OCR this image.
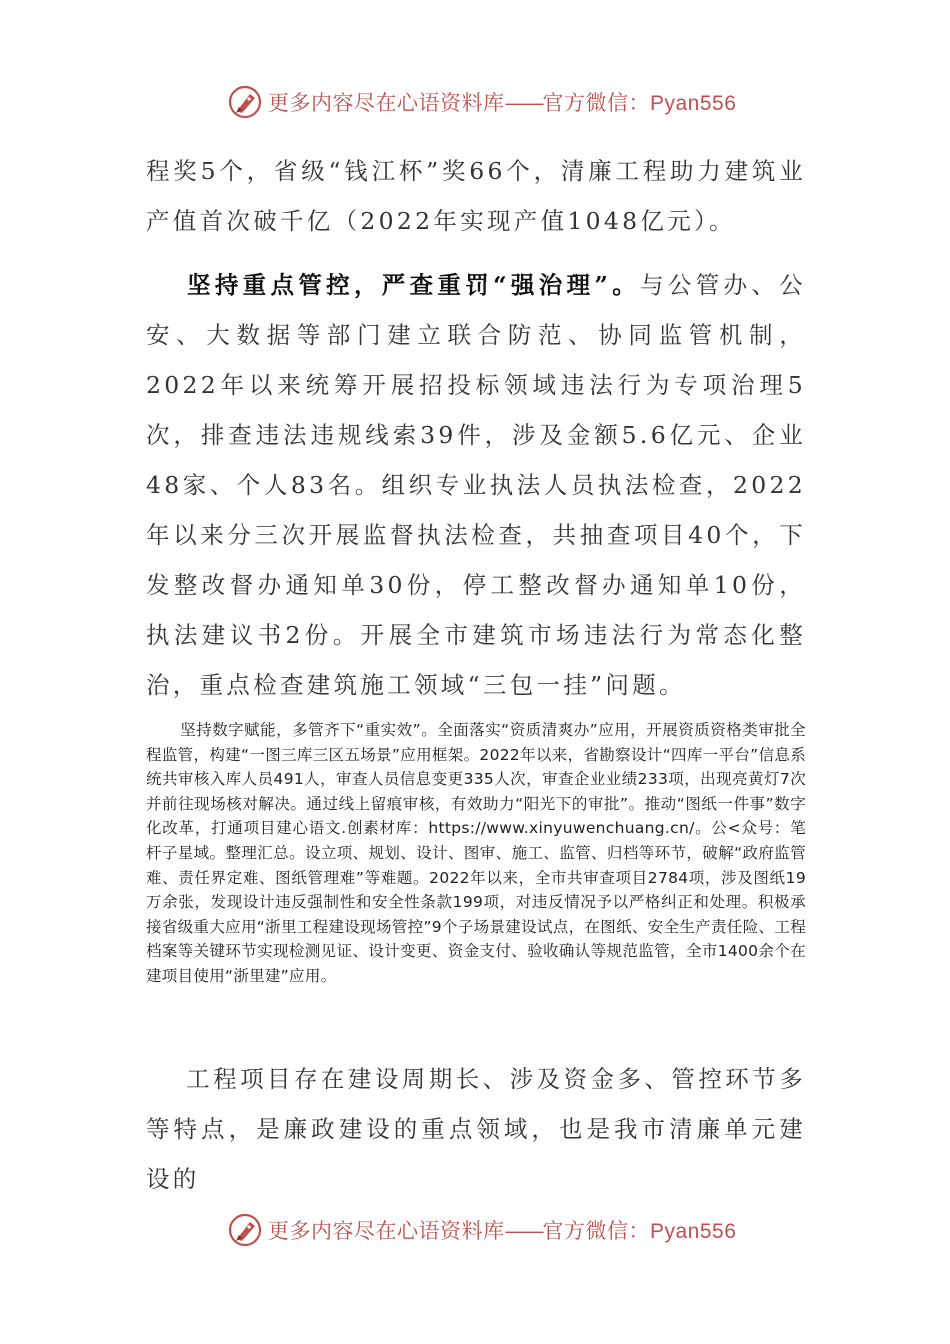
更多内容尽在心语资料库——官方微信：Pyan556
程奖5个，省级“钱江杯”奖66个，清廉工程助力建筑业产值首次破千亿（2022年实现产值1048亿元）。
坚持重点管控，严查重罚“强治理”。与公管办、公安、大数据等部门建立联合防范、协同监管机制，2022年以来统筹开展招投标领域违法行为专项治理5次，排查违法违规线索39件，涉及金额5.6亿元、企业48家、个人83名。组织专业执法人员执法检查，2022年以来分三次开展监督执法检查，共抽查项目40个，下发整改督办通知单30份，停工整改督办通知单10份，执法建议书2份。开展全市建筑市场违法行为常态化整治，重点检查建筑施工领域“三包一挂”问题。
坚持数字赋能，多管齐下“重实效”。全面落实“资质清爽办”应用，开展资质资格类审批全程监管，构建“一图三库三区五场景”应用框架。2022年以来，省勘察设计“四库一平台”信息系统共审核入库人员491人，审查人员信息变更335人次，审查企业业绩233项，出现亮黄灯7次并前往现场核对解决。通过线上留痕审核，有效助力“阳光下的审批”。推动“图纸一件事”数字化改革，打通项目建心语文.创素材库：https://www.xinyuwenchuang.cn/。公<众号：笔杆子星域。整理汇总。设立项、规划、设计、图审、施工、监管、归档等环节，破解“政府监管难、责任界定难、图纸管理难”等难题。2022年以来，全市共审查项目2784项，涉及图纸19万余张，发现设计违反强制性和安全性条款199项，对违反情况予以严格纠正和处理。积极承接省级重大应用“浙里工程建设现场管控”9个子场景建设试点，在图纸、安全生产责任险、工程档案等关键环节实现检测见证、设计变更、资金支付、验收确认等规范监管，全市1400余个在建项目使用“浙里建”应用。
工程项目存在建设周期长、涉及资金多、管控环节多等特点，是廉政建设的重点领域，也是我市清廉单元建设的
更多内容尽在心语资料库——官方微信：Pyan556
